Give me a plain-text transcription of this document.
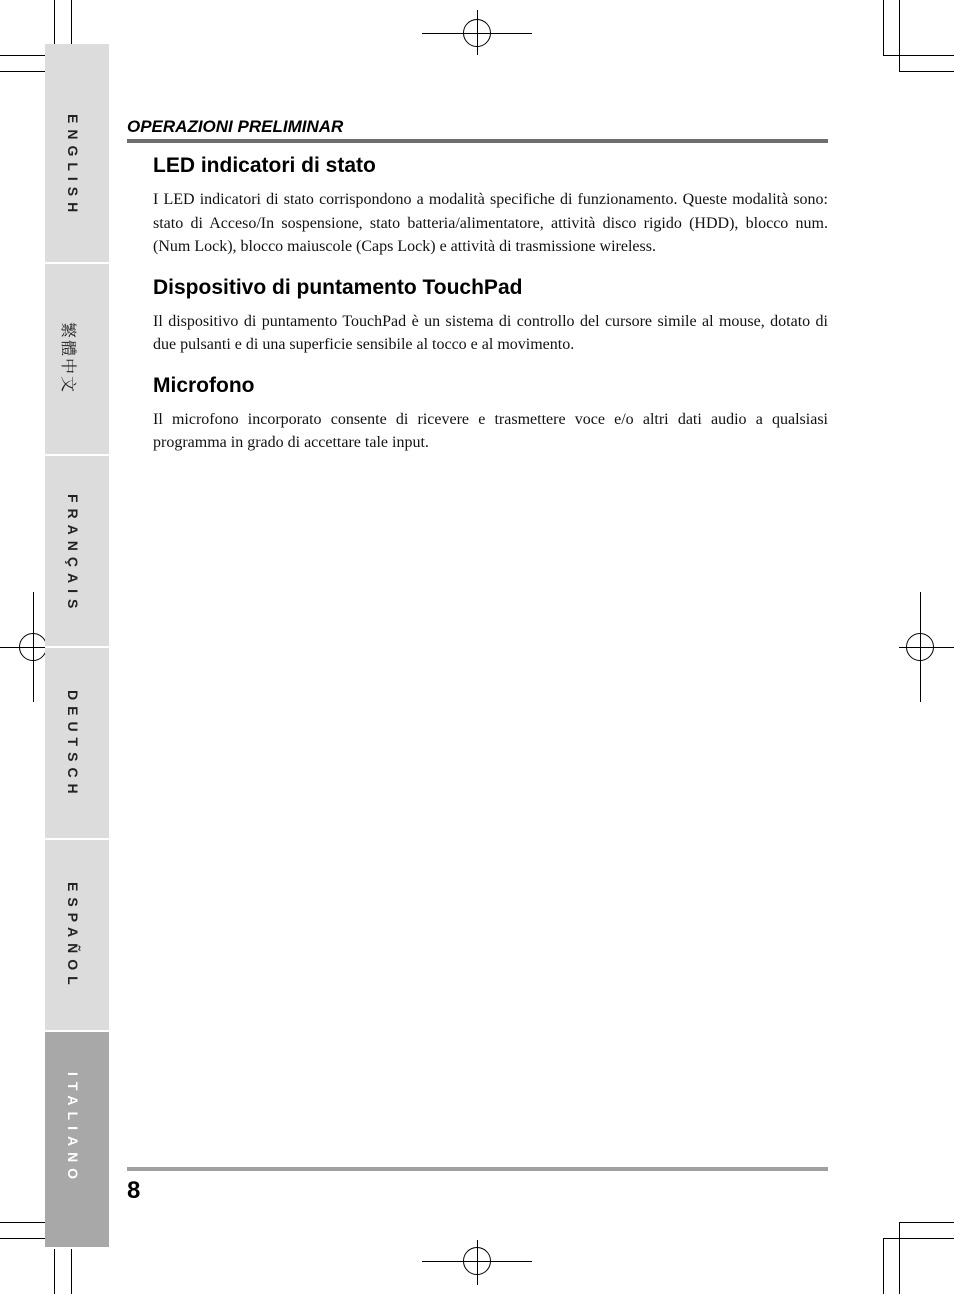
ENGLISH
繁體中文
FRANÇAIS
DEUTSCH
ESPAÑOL
ITALIANO
OPERAZIONI PRELIMINAR
LED indicatori di stato

I LED indicatori di stato corrispondono a modalità specifiche di funzionamento. Queste modalità sono: stato di Acceso/In sospensione, stato batteria/alimentatore, attività disco rigido (HDD), blocco num. (Num Lock), blocco maiuscole (Caps Lock) e attività di trasmissione wireless.

Dispositivo di puntamento TouchPad

Il dispositivo di puntamento TouchPad è un sistema di controllo del cursore simile al mouse, dotato di due pulsanti e di una superficie sensibile al tocco e al movimento.

Microfono

Il microfono incorporato consente di ricevere e trasmettere voce e/o altri dati audio a qualsiasi programma in grado di accettare tale input.

8
